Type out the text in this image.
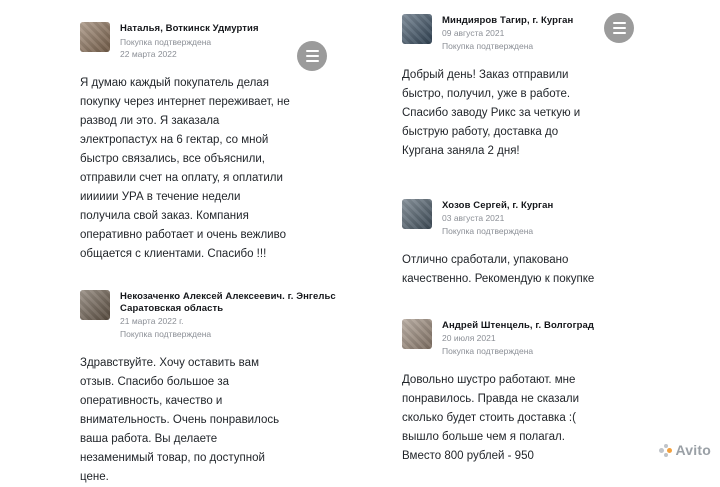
Наталья, Воткинск Удмуртия
Покупка подтверждена
22 марта 2022
Я думаю каждый покупатель делая покупку через интернет переживает, не развод ли это. Я заказала электропастух на 6 гектар, со мной быстро связались, все объяснили, отправили счет на оплату, я оплатили ииииии УРА в течение недели получила свой заказ. Компания оперативно работает и очень вежливо общается с клиентами. Спасибо !!!
Некозаченко Алексей Алексеевич. г. Энгельс Саратовская область
21 марта 2022 г.
Покупка подтверждена
Здравствуйте. Хочу оставить вам отзыв. Спасибо большое за оперативность, качество и внимательность. Очень понравилось ваша работа. Вы делаете незаменимый товар, по доступной цене.
Миндияров Тагир, г. Курган
09 августа 2021
Покупка подтверждена
Добрый день! Заказ отправили быстро, получил, уже в работе. Спасибо заводу Рикс за четкую и быструю работу, доставка до Кургана заняла 2 дня!
Хозов Сергей, г. Курган
03 августа 2021
Покупка подтверждена
Отлично сработали, упаковано качественно. Рекомендую к покупке
Андрей Штенцель, г. Волгоград
20 июля 2021
Покупка подтверждена
Довольно шустро работают. мне понравилось. Правда не сказали сколько будет стоить доставка :( вышло больше чем я полагал. Вместо 800 рублей - 950	Avito
